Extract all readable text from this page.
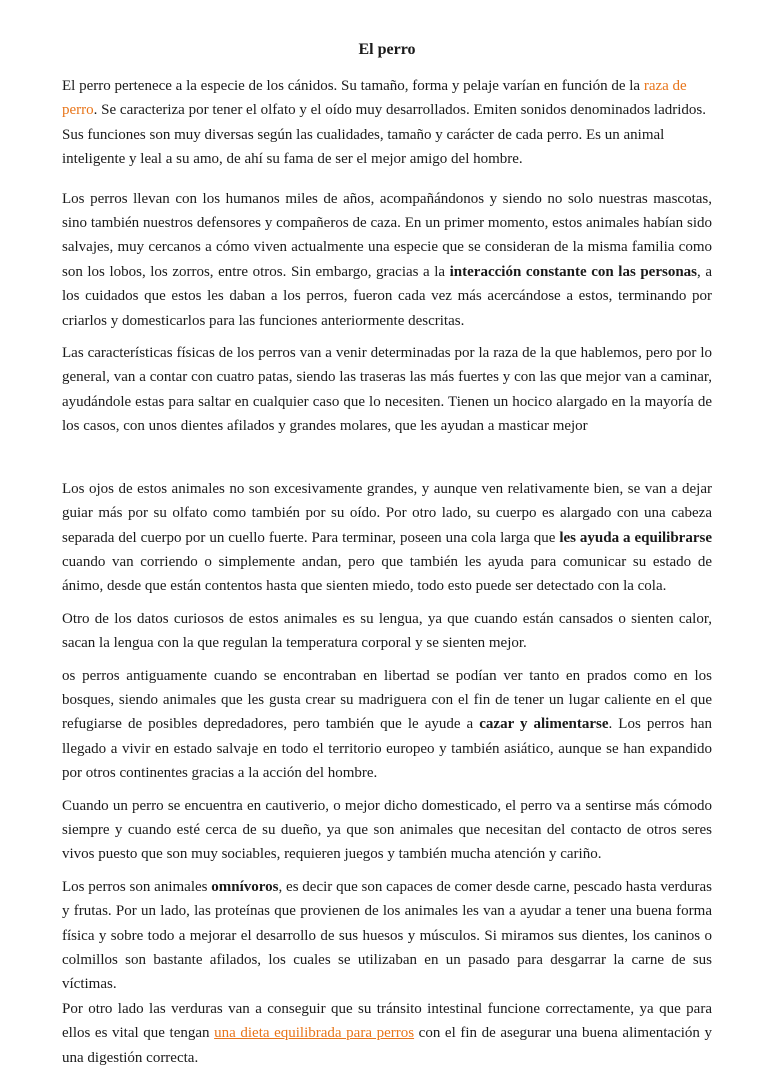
El perro

El perro pertenece a la especie de los cánidos. Su tamaño, forma y pelaje varían en función de la raza de perro. Se caracteriza por tener el olfato y el oído muy desarrollados. Emiten sonidos denominados ladridos. Sus funciones son muy diversas según las cualidades, tamaño y carácter de cada perro. Es un animal inteligente y leal a su amo, de ahí su fama de ser el mejor amigo del hombre.

Los perros llevan con los humanos miles de años, acompañándonos y siendo no solo nuestras mascotas, sino también nuestros defensores y compañeros de caza. En un primer momento, estos animales habían sido salvajes, muy cercanos a cómo viven actualmente una especie que se consideran de la misma familia como son los lobos, los zorros, entre otros. Sin embargo, gracias a la interacción constante con las personas, a los cuidados que estos les daban a los perros, fueron cada vez más acercándose a estos, terminando por criarlos y domesticarlos para las funciones anteriormente descritas.

Las características físicas de los perros van a venir determinadas por la raza de la que hablemos, pero por lo general, van a contar con cuatro patas, siendo las traseras las más fuertes y con las que mejor van a caminar, ayudándole estas para saltar en cualquier caso que lo necesiten. Tienen un hocico alargado en la mayoría de los casos, con unos dientes afilados y grandes molares, que les ayudan a masticar mejor

Los ojos de estos animales no son excesivamente grandes, y aunque ven relativamente bien, se van a dejar guiar más por su olfato como también por su oído. Por otro lado, su cuerpo es alargado con una cabeza separada del cuerpo por un cuello fuerte. Para terminar, poseen una cola larga que les ayuda a equilibrarse cuando van corriendo o simplemente andan, pero que también les ayuda para comunicar su estado de ánimo, desde que están contentos hasta que sienten miedo, todo esto puede ser detectado con la cola.

Otro de los datos curiosos de estos animales es su lengua, ya que cuando están cansados o sienten calor, sacan la lengua con la que regulan la temperatura corporal y se sienten mejor.

os perros antiguamente cuando se encontraban en libertad se podían ver tanto en prados como en los bosques, siendo animales que les gusta crear su madriguera con el fin de tener un lugar caliente en el que refugiarse de posibles depredadores, pero también que le ayude a cazar y alimentarse. Los perros han llegado a vivir en estado salvaje en todo el territorio europeo y también asiático, aunque se han expandido por otros continentes gracias a la acción del hombre.

Cuando un perro se encuentra en cautiverio, o mejor dicho domesticado, el perro va a sentirse más cómodo siempre y cuando esté cerca de su dueño, ya que son animales que necesitan del contacto de otros seres vivos puesto que son muy sociables, requieren juegos y también mucha atención y cariño.

Los perros son animales omnívoros, es decir que son capaces de comer desde carne, pescado hasta verduras y frutas. Por un lado, las proteínas que provienen de los animales les van a ayudar a tener una buena forma física y sobre todo a mejorar el desarrollo de sus huesos y músculos. Si miramos sus dientes, los caninos o colmillos son bastante afilados, los cuales se utilizaban en un pasado para desgarrar la carne de sus víctimas.

Por otro lado las verduras van a conseguir que su tránsito intestinal funcione correctamente, ya que para ellos es vital que tengan una dieta equilibrada para perros con el fin de asegurar una buena alimentación y una digestión correcta.
